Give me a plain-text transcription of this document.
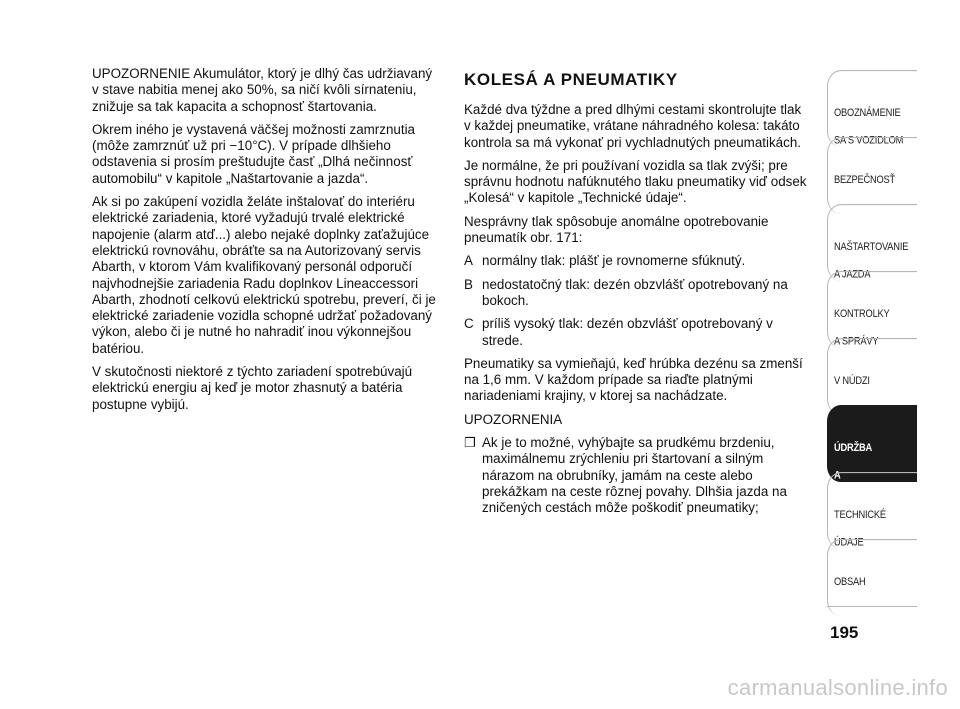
UPOZORNENIE Akumulátor, ktorý je dlhý čas udržiavaný v stave nabitia menej ako 50%, sa ničí kvôli sírnateniu, znižuje sa tak kapacita a schopnosť štartovania.

Okrem iného je vystavená väčšej možnosti zamrznutia (môže zamrznúť už pri −10°C). V prípade dlhšieho odstavenia si prosím preštudujte časť „Dlhá nečinnosť automobilu“ v kapitole „Naštartovanie a jazda“.

Ak si po zakúpení vozidla želáte inštalovať do interiéru elektrické zariadenia, ktoré vyžadujú trvalé elektrické napojenie (alarm atď...) alebo nejaké doplnky zaťažujúce elektrickú rovnováhu, obráťte sa na Autorizovaný servis Abarth, v ktorom Vám kvalifikovaný personál odporučí najvhodnejšie zariadenia Radu doplnkov Lineaccessori Abarth, zhodnotí celkovú elektrickú spotrebu, preverí, či je elektrické zariadenie vozidla schopné udržať požadovaný výkon, alebo či je nutné ho nahradiť inou výkonnejšou batériou.

V skutočnosti niektoré z týchto zariadení spotrebúvajú elektrickú energiu aj keď je motor zhasnutý a batéria postupne vybijú.

KOLESÁ A PNEUMATIKY

Každé dva týždne a pred dlhými cestami skontrolujte tlak v každej pneumatike, vrátane náhradného kolesa: takáto kontrola sa má vykonať pri vychladnutých pneumatikách.

Je normálne, že pri používaní vozidla sa tlak zvýši; pre správnu hodnotu nafúknutého tlaku pneumatiky viď odsek „Kolesá“ v kapitole „Technické údaje“.

Nesprávny tlak spôsobuje anomálne opotrebovanie pneumatík obr. 171:

A normálny tlak: plášť je rovnomerne sfúknutý.
B nedostatočný tlak: dezén obzvlášť opotrebovaný na bokoch.
C príliš vysoký tlak: dezén obzvlášť opotrebovaný v strede.

Pneumatiky sa vymieňajú, keď hrúbka dezénu sa zmenší na 1,6 mm. V každom prípade sa riaďte platnými nariadeniami krajiny, v ktorej sa nachádzate.

UPOZORNENIA

❒ Ak je to možné, vyhýbajte sa prudkému brzdeniu, maximálnemu zrýchleniu pri štartovaní a silným nárazom na obrubníky, jamám na ceste alebo prekážkam na ceste rôznej povahy. Dlhšia jazda na zničených cestách môže poškodiť pneumatiky;

OBOZNÁMENIE

SA S VOZIDLOM

BEZPEČNOSŤ

NAŠTARTOVANIE

A JAZDA

KONTROLKY

A SPRÁVY

V NÚDZI

ÚDRŽBA

A STAROSTLIVOSŤ

TECHNICKÉ

ÚDAJE

OBSAH

195
carmanualsonline.info
